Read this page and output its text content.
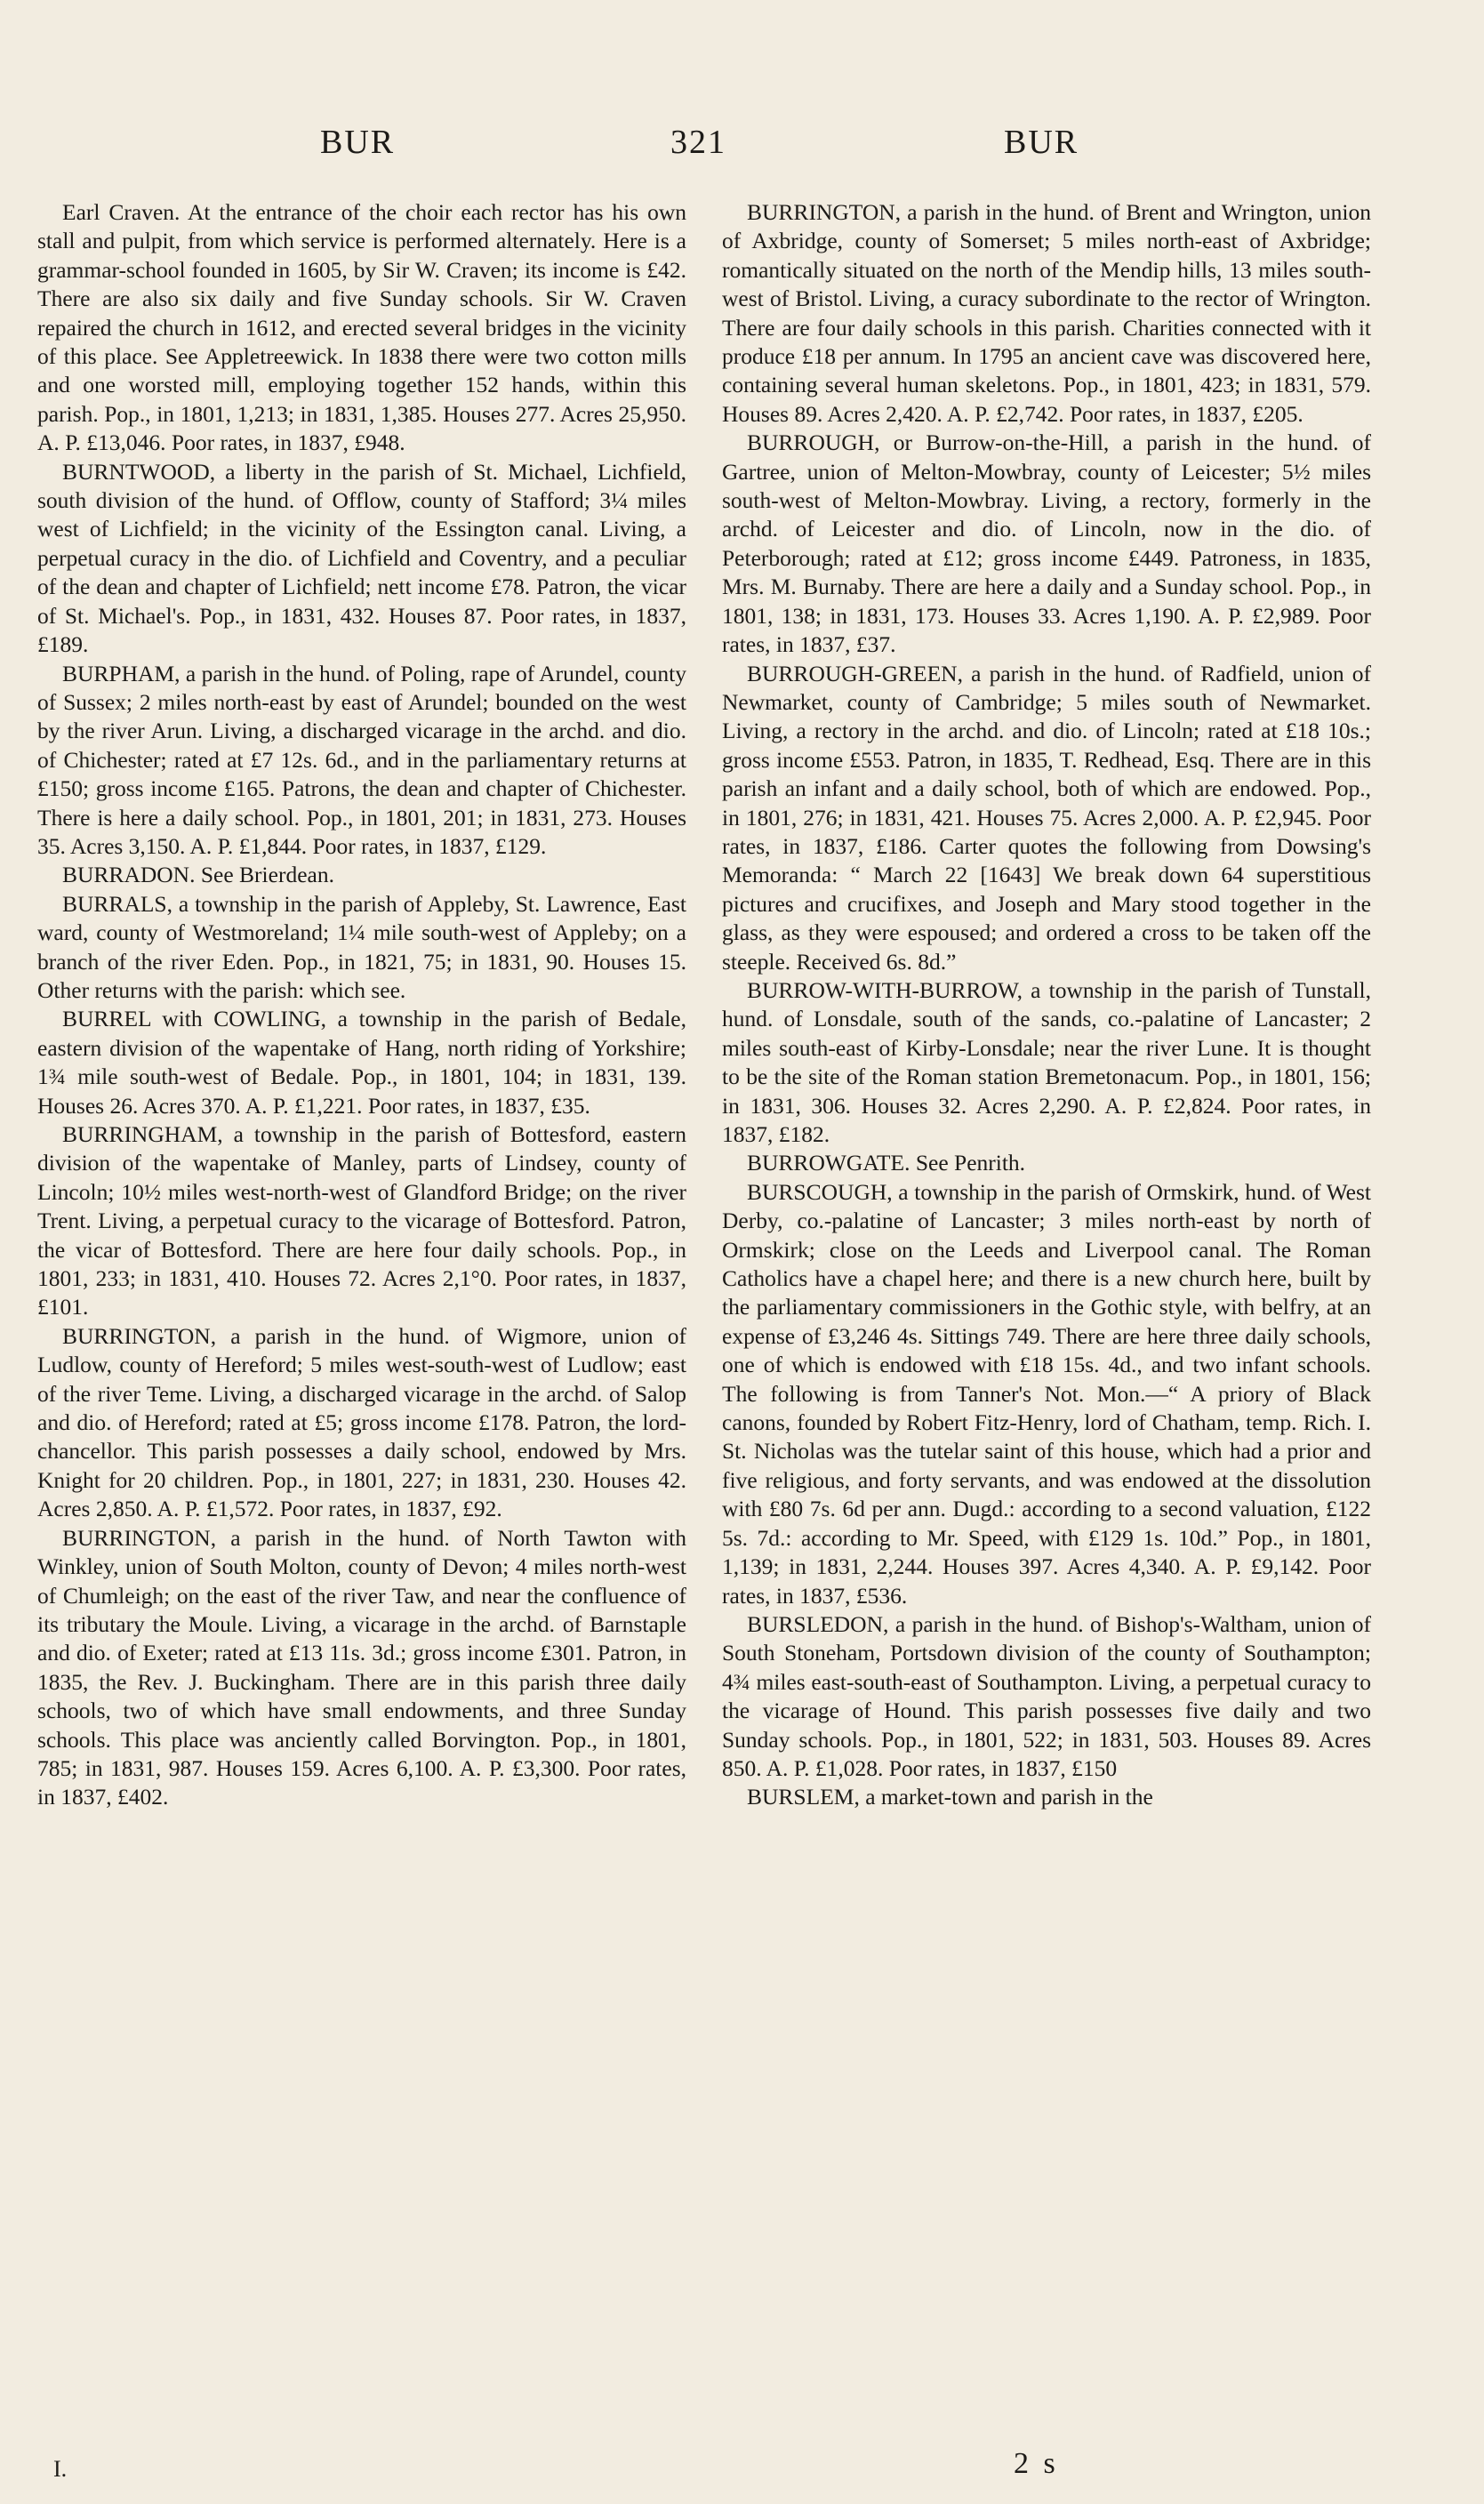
BUR	321	BUR

Earl Craven. At the entrance of the choir each rector has his own stall and pulpit, from which service is performed alternately. Here is a grammar-school founded in 1605, by Sir W. Craven; its income is £42. There are also six daily and five Sunday schools. Sir W. Craven repaired the church in 1612, and erected several bridges in the vicinity of this place. See Appletreewick. In 1838 there were two cotton mills and one worsted mill, employing together 152 hands, within this parish. Pop., in 1801, 1,213; in 1831, 1,385. Houses 277. Acres 25,950. A. P. £13,046. Poor rates, in 1837, £948.

BURNTWOOD, a liberty in the parish of St. Michael, Lichfield, south division of the hund. of Offlow, county of Stafford; 3¼ miles west of Lichfield; in the vicinity of the Essington canal. Living, a perpetual curacy in the dio. of Lichfield and Coventry, and a peculiar of the dean and chapter of Lichfield; nett income £78. Patron, the vicar of St. Michael's. Pop., in 1831, 432. Houses 87. Poor rates, in 1837, £189.

BURPHAM, a parish in the hund. of Poling, rape of Arundel, county of Sussex; 2 miles north-east by east of Arundel; bounded on the west by the river Arun. Living, a discharged vicarage in the archd. and dio. of Chichester; rated at £7 12s. 6d., and in the parliamentary returns at £150; gross income £165. Patrons, the dean and chapter of Chichester. There is here a daily school. Pop., in 1801, 201; in 1831, 273. Houses 35. Acres 3,150. A. P. £1,844. Poor rates, in 1837, £129.

BURRADON. See Brierdean.

BURRALS, a township in the parish of Appleby, St. Lawrence, East ward, county of Westmoreland; 1¼ mile south-west of Appleby; on a branch of the river Eden. Pop., in 1821, 75; in 1831, 90. Houses 15. Other returns with the parish: which see.

BURREL with COWLING, a township in the parish of Bedale, eastern division of the wapentake of Hang, north riding of Yorkshire; 1¾ mile south-west of Bedale. Pop., in 1801, 104; in 1831, 139. Houses 26. Acres 370. A. P. £1,221. Poor rates, in 1837, £35.

BURRINGHAM, a township in the parish of Bottesford, eastern division of the wapentake of Manley, parts of Lindsey, county of Lincoln; 10½ miles west-north-west of Glandford Bridge; on the river Trent. Living, a perpetual curacy to the vicarage of Bottesford. Patron, the vicar of Bottesford. There are here four daily schools. Pop., in 1801, 233; in 1831, 410. Houses 72. Acres 2,1°0. Poor rates, in 1837, £101.

BURRINGTON, a parish in the hund. of Wigmore, union of Ludlow, county of Hereford; 5 miles west-south-west of Ludlow; east of the river Teme. Living, a discharged vicarage in the archd. of Salop and dio. of Hereford; rated at £5; gross income £178. Patron, the lord-chancellor. This parish possesses a daily school, endowed by Mrs. Knight for 20 children. Pop., in 1801, 227; in 1831, 230. Houses 42. Acres 2,850. A. P. £1,572. Poor rates, in 1837, £92.

BURRINGTON, a parish in the hund. of North Tawton with Winkley, union of South Molton, county of Devon; 4 miles north-west of Chumleigh; on the east of the river Taw, and near the confluence of its tributary the Moule. Living, a vicarage in the archd. of Barnstaple and dio. of Exeter; rated at £13 11s. 3d.; gross income £301. Patron, in 1835, the Rev. J. Buckingham. There are in this parish three daily schools, two of which have small endowments, and three Sunday schools. This place was anciently called Borvington. Pop., in 1801, 785; in 1831, 987. Houses 159. Acres 6,100. A. P. £3,300. Poor rates, in 1837, £402.

BURRINGTON, a parish in the hund. of Brent and Wrington, union of Axbridge, county of Somerset; 5 miles north-east of Axbridge; romantically situated on the north of the Mendip hills, 13 miles south-west of Bristol. Living, a curacy subordinate to the rector of Wrington. There are four daily schools in this parish. Charities connected with it produce £18 per annum. In 1795 an ancient cave was discovered here, containing several human skeletons. Pop., in 1801, 423; in 1831, 579. Houses 89. Acres 2,420. A. P. £2,742. Poor rates, in 1837, £205.

BURROUGH, or Burrow-on-the-Hill, a parish in the hund. of Gartree, union of Melton-Mowbray, county of Leicester; 5½ miles south-west of Melton-Mowbray. Living, a rectory, formerly in the archd. of Leicester and dio. of Lincoln, now in the dio. of Peterborough; rated at £12; gross income £449. Patroness, in 1835, Mrs. M. Burnaby. There are here a daily and a Sunday school. Pop., in 1801, 138; in 1831, 173. Houses 33. Acres 1,190. A. P. £2,989. Poor rates, in 1837, £37.

BURROUGH-GREEN, a parish in the hund. of Radfield, union of Newmarket, county of Cambridge; 5 miles south of Newmarket. Living, a rectory in the archd. and dio. of Lincoln; rated at £18 10s.; gross income £553. Patron, in 1835, T. Redhead, Esq. There are in this parish an infant and a daily school, both of which are endowed. Pop., in 1801, 276; in 1831, 421. Houses 75. Acres 2,000. A. P. £2,945. Poor rates, in 1837, £186. Carter quotes the following from Dowsing's Memoranda: “ March 22 [1643] We break down 64 superstitious pictures and crucifixes, and Joseph and Mary stood together in the glass, as they were espoused; and ordered a cross to be taken off the steeple. Received 6s. 8d.”

BURROW-WITH-BURROW, a township in the parish of Tunstall, hund. of Lonsdale, south of the sands, co.-palatine of Lancaster; 2 miles south-east of Kirby-Lonsdale; near the river Lune. It is thought to be the site of the Roman station Bremetonacum. Pop., in 1801, 156; in 1831, 306. Houses 32. Acres 2,290. A. P. £2,824. Poor rates, in 1837, £182.

BURROWGATE. See Penrith.

BURSCOUGH, a township in the parish of Ormskirk, hund. of West Derby, co.-palatine of Lancaster; 3 miles north-east by north of Ormskirk; close on the Leeds and Liverpool canal. The Roman Catholics have a chapel here; and there is a new church here, built by the parliamentary commissioners in the Gothic style, with belfry, at an expense of £3,246 4s. Sittings 749. There are here three daily schools, one of which is endowed with £18 15s. 4d., and two infant schools. The following is from Tanner's Not. Mon.—“ A priory of Black canons, founded by Robert Fitz-Henry, lord of Chatham, temp. Rich. I. St. Nicholas was the tutelar saint of this house, which had a prior and five religious, and forty servants, and was endowed at the dissolution with £80 7s. 6d per ann. Dugd.: according to a second valuation, £122 5s. 7d.: according to Mr. Speed, with £129 1s. 10d.” Pop., in 1801, 1,139; in 1831, 2,244. Houses 397. Acres 4,340. A. P. £9,142. Poor rates, in 1837, £536.

BURSLEDON, a parish in the hund. of Bishop's-Waltham, union of South Stoneham, Portsdown division of the county of Southampton; 4¾ miles east-south-east of Southampton. Living, a perpetual curacy to the vicarage of Hound. This parish possesses five daily and two Sunday schools. Pop., in 1801, 522; in 1831, 503. Houses 89. Acres 850. A. P. £1,028. Poor rates, in 1837, £150

BURSLEM, a market-town and parish in the

I.	2 s
